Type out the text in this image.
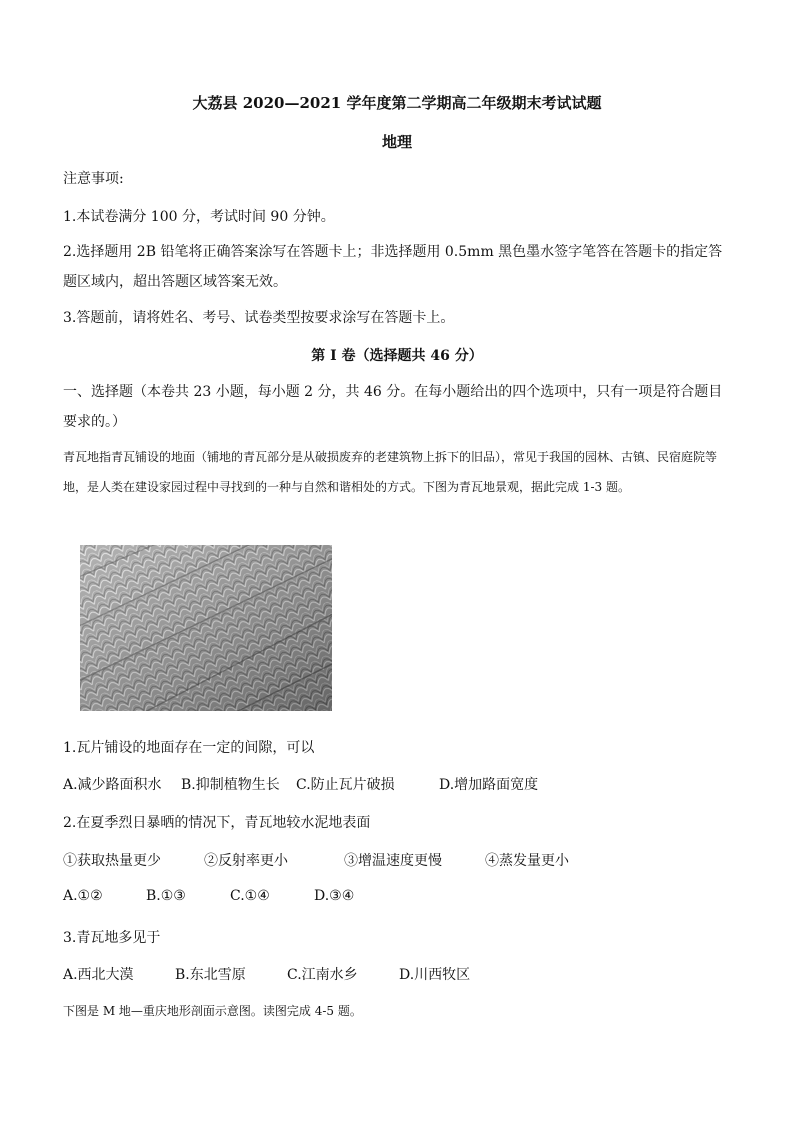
大荔县 2020—2021 学年度第二学期高二年级期末考试试题
地理
注意事项:
1.本试卷满分 100 分，考试时间 90 分钟。
2.选择题用 2B 铅笔将正确答案涂写在答题卡上；非选择题用 0.5mm 黑色墨水签字笔答在答题卡的指定答题区域内，超出答题区域答案无效。
3.答题前，请将姓名、考号、试卷类型按要求涂写在答题卡上。
第 I 卷（选择题共 46 分）
一、选择题（本卷共 23 小题，每小题 2 分，共 46 分。在每小题给出的四个选项中，只有一项是符合题目要求的。）
青瓦地指青瓦铺设的地面（铺地的青瓦部分是从破损废弃的老建筑物上拆下的旧品），常见于我国的园林、古镇、民宿庭院等地，是人类在建设家园过程中寻找到的一种与自然和谐相处的方式。下图为青瓦地景观，据此完成 1-3 题。
1.瓦片铺设的地面存在一定的间隙，可以
A.减少路面积水 B.抑制植物生长 C.防止瓦片破损	D.增加路面宽度
2.在夏季烈日暴晒的情况下，青瓦地较水泥地表面
①获取热量更少	②反射率更小	③增温速度更慢	④蒸发量更小
A.①②	B.①③	C.①④	D.③④
3.青瓦地多见于
A.西北大漠	B.东北雪原	C.江南水乡	D.川西牧区
下图是 M 地—重庆地形剖面示意图。读图完成 4-5 题。
